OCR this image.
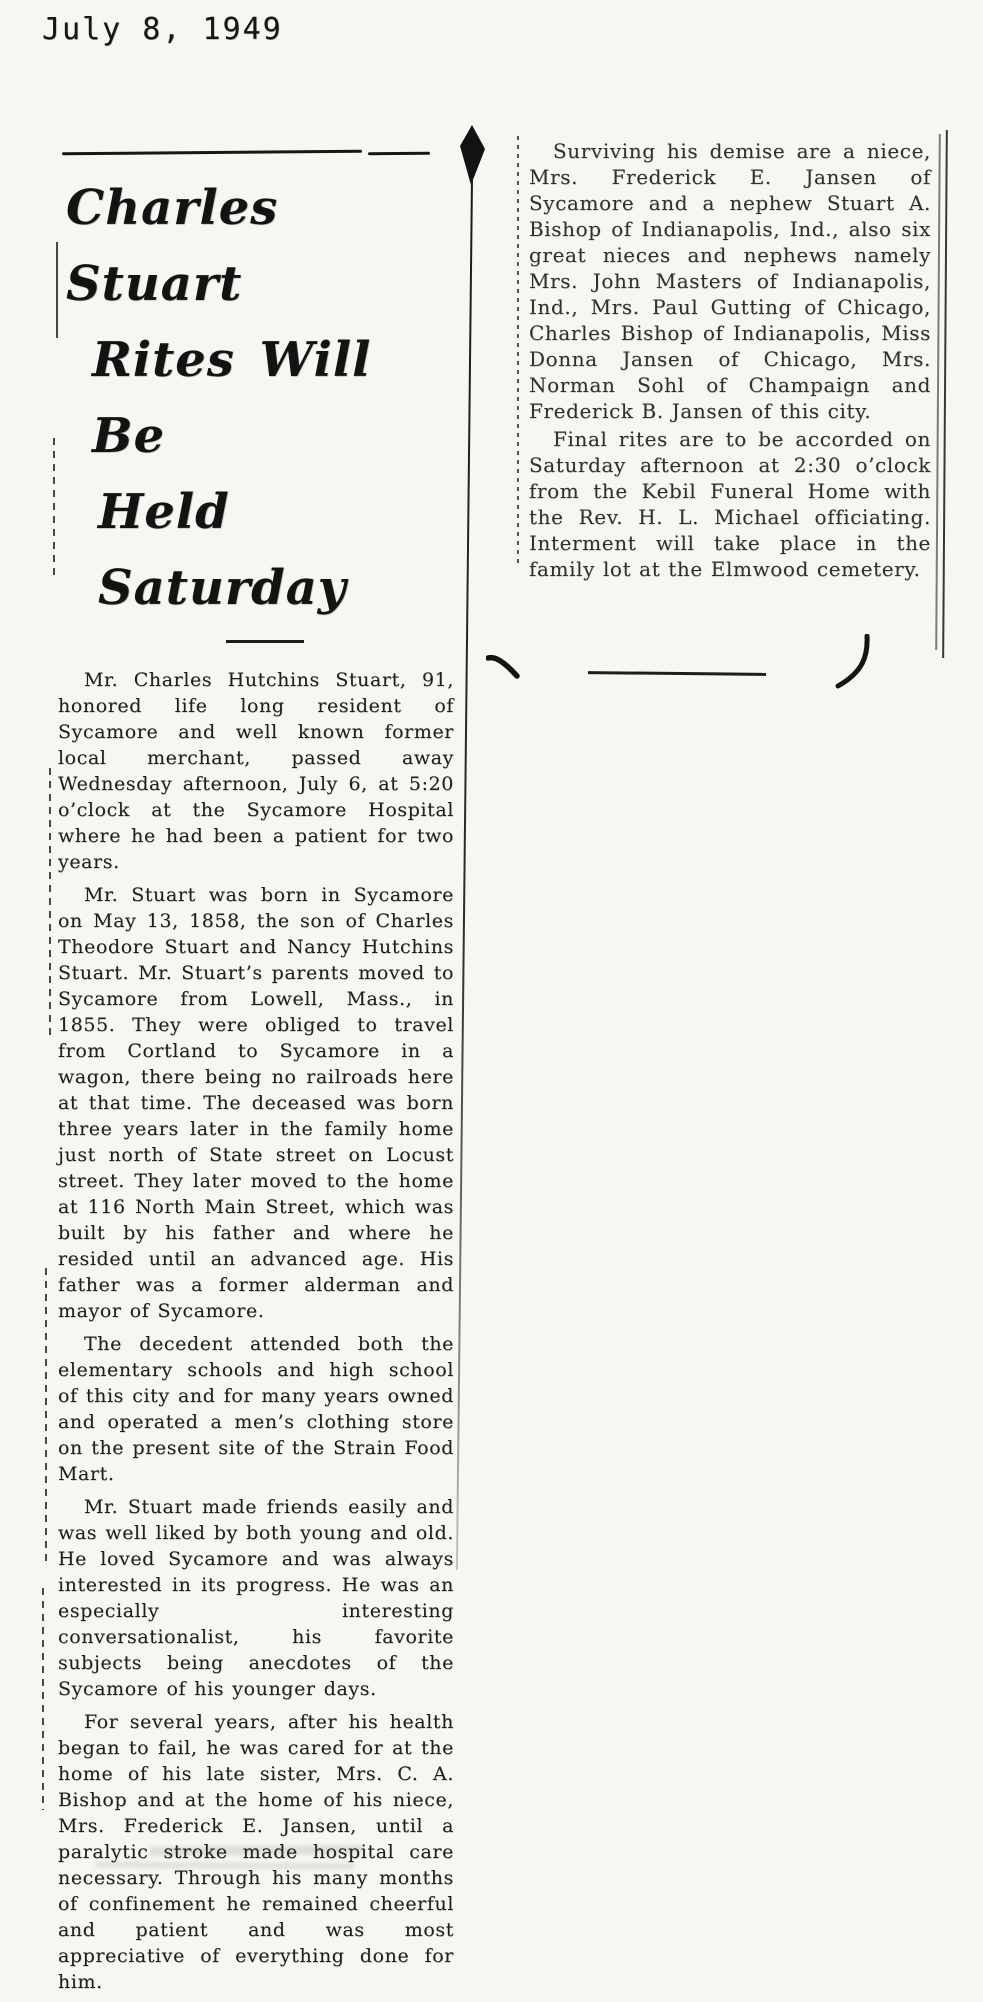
July 8, 1949
Charles Stuart
Rites Will Be
Held Saturday

Mr. Charles Hutchins Stuart, 91, honored life long resident of Sycamore and well known former local merchant, passed away Wednesday afternoon, July 6, at 5:20 o’clock at the Sycamore Hospital where he had been a patient for two years.

Mr. Stuart was born in Sycamore on May 13, 1858, the son of Charles Theodore Stuart and Nancy Hutchins Stuart. Mr. Stuart’s parents moved to Sycamore from Lowell, Mass., in 1855. They were obliged to travel from Cortland to Sycamore in a wagon, there being no railroads here at that time. The deceased was born three years later in the family home just north of State street on Locust street. They later moved to the home at 116 North Main Street, which was built by his father and where he resided until an advanced age. His father was a former alderman and mayor of Sycamore.

The decedent attended both the elementary schools and high school of this city and for many years owned and operated a men’s clothing store on the present site of the Strain Food Mart.

Mr. Stuart made friends easily and was well liked by both young and old. He loved Sycamore and was always interested in its progress. He was an especially interesting conversationalist, his favorite subjects being anecdotes of the Sycamore of his younger days.

For several years, after his health began to fail, he was cared for at the home of his late sister, Mrs. C. A. Bishop and at the home of his niece, Mrs. Frederick E. Jansen, until a paralytic stroke made hospital care necessary. Through his many months of confinement he remained cheerful and patient and was most appreciative of everything done for him.

Surviving his demise are a niece, Mrs. Frederick E. Jansen of Sycamore and a nephew Stuart A. Bishop of Indianapolis, Ind., also six great nieces and nephews namely Mrs. John Masters of Indianapolis, Ind., Mrs. Paul Gutting of Chicago, Charles Bishop of Indianapolis, Miss Donna Jansen of Chicago, Mrs. Norman Sohl of Champaign and Frederick B. Jansen of this city.

Final rites are to be accorded on Saturday afternoon at 2:30 o’clock from the Kebil Funeral Home with the Rev. H. L. Michael officiating. Interment will take place in the family lot at the Elmwood cemetery.
